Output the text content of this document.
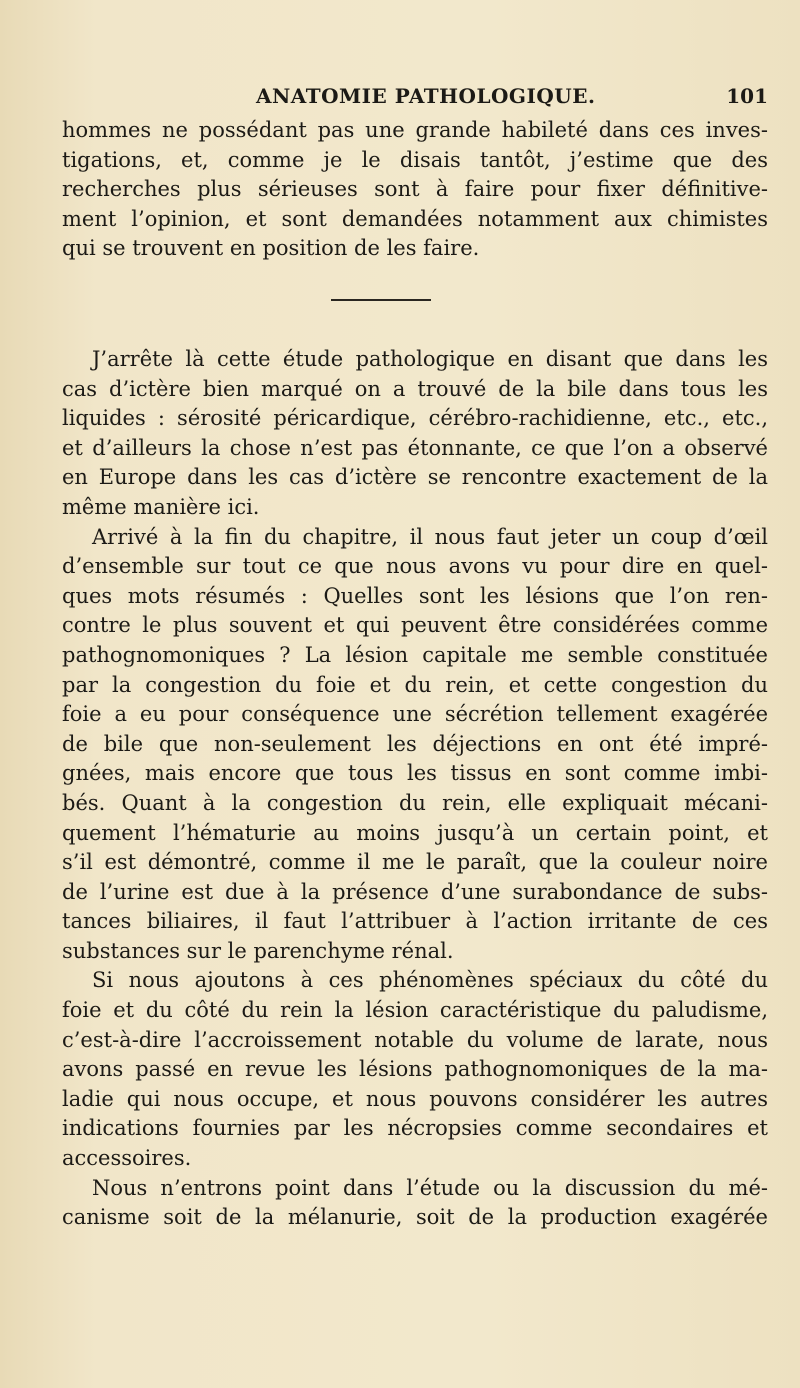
ANATOMIE PATHOLOGIQUE.	101
hommes ne possédant pas une grande habileté dans ces inves-
tigations, et, comme je le disais tantôt, j’estime que des
recherches plus sérieuses sont à faire pour fixer définitive-
ment l’opinion, et sont demandées notamment aux chimistes
qui se trouvent en position de les faire.
J’arrête là cette étude pathologique en disant que dans les
cas d’ictère bien marqué on a trouvé de la bile dans tous les
liquides : sérosité péricardique, cérébro-rachidienne, etc., etc.,
et d’ailleurs la chose n’est pas étonnante, ce que l’on a observé
en Europe dans les cas d’ictère se rencontre exactement de la
même manière ici.
Arrivé à la fin du chapitre, il nous faut jeter un coup d’œil
d’ensemble sur tout ce que nous avons vu pour dire en quel-
ques mots résumés : Quelles sont les lésions que l’on ren-
contre le plus souvent et qui peuvent être considérées comme
pathognomoniques ? La lésion capitale me semble constituée
par la congestion du foie et du rein, et cette congestion du
foie a eu pour conséquence une sécrétion tellement exagérée
de bile que non-seulement les déjections en ont été impré-
gnées, mais encore que tous les tissus en sont comme imbi-
bés. Quant à la congestion du rein, elle expliquait mécani-
quement l’hématurie au moins jusqu’à un certain point, et
s’il est démontré, comme il me le paraît, que la couleur noire
de l’urine est due à la présence d’une surabondance de subs-
tances biliaires, il faut l’attribuer à l’action irritante de ces
substances sur le parenchyme rénal.
Si nous ajoutons à ces phénomènes spéciaux du côté du
foie et du côté du rein la lésion caractéristique du paludisme,
c’est-à-dire l’accroissement notable du volume de larate, nous
avons passé en revue les lésions pathognomoniques de la ma-
ladie qui nous occupe, et nous pouvons considérer les autres
indications fournies par les nécropsies comme secondaires et
accessoires.
Nous n’entrons point dans l’étude ou la discussion du mé-
canisme soit de la mélanurie, soit de la production exagérée
